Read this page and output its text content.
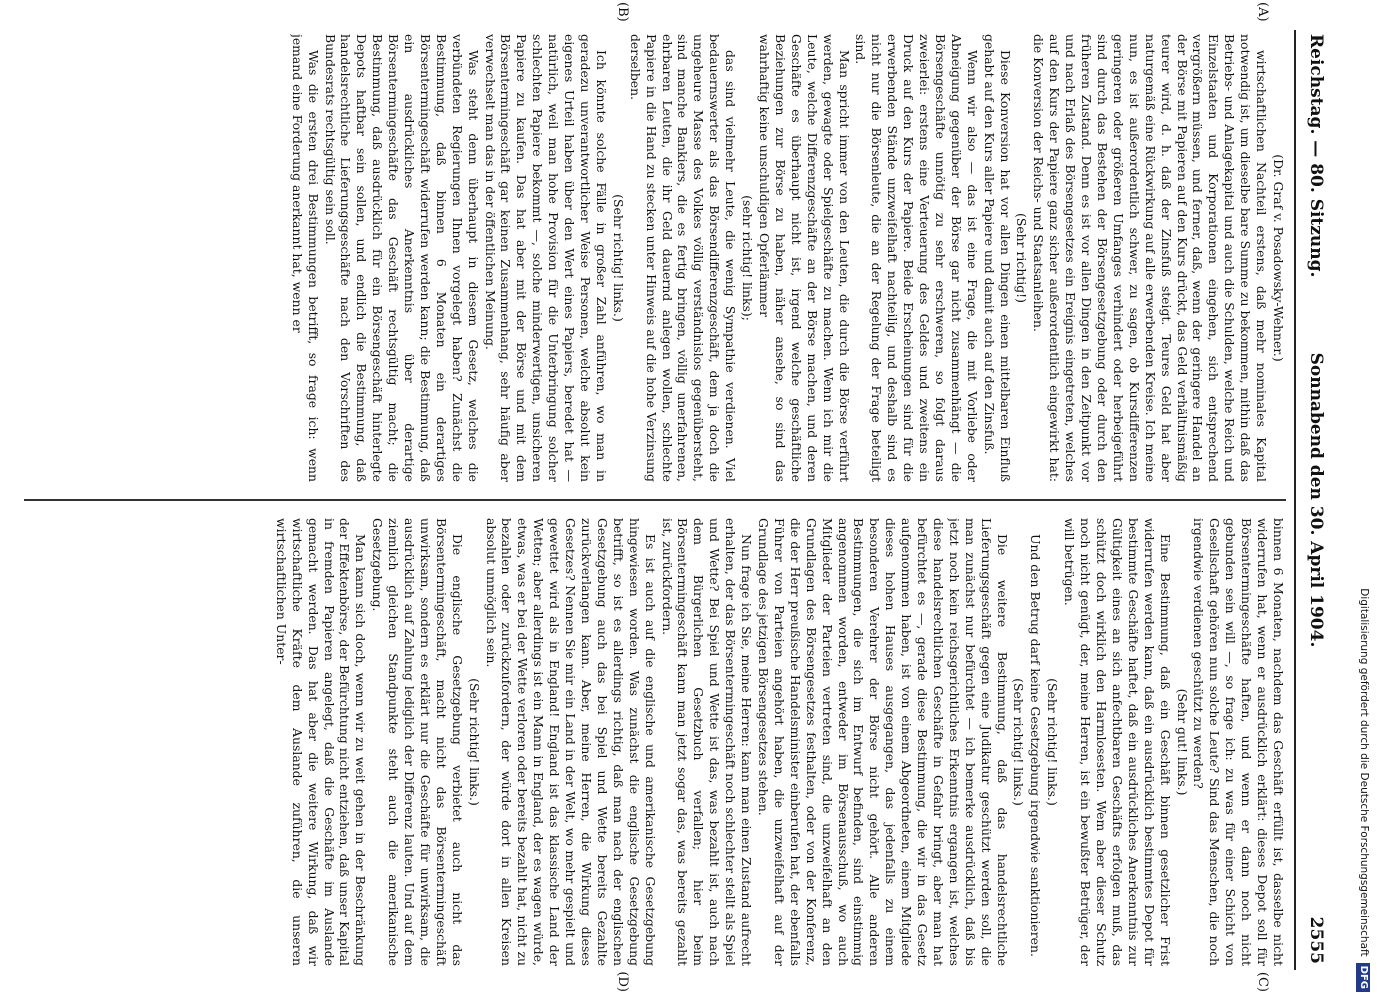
Reichstag. — 80. Sitzung.
Sonnabend den 30. April 1904.
2555

(Dr. Graf v. Posadowsky-Wehner.)

wirtschaftlichen Nachteil erstens, daß mehr nominales Kapital notwendig ist, um dieselbe bare Summe zu bekommen, mithin daß das Betriebs- und Anlagekapital und auch die Schulden, welche Reich und Einzelstaaten und Korporationen eingehen, sich entsprechend vergrößern müssen, und ferner, daß, wenn der geringere Handel an der Börse mit Papieren auf den Kurs drückt, das Geld verhältnismäßig teurer wird, d. h. daß der Zinsfuß steigt. Teures Geld hat aber naturgemäß eine Rückwirkung auf alle erwerbenden Kreise. Ich meine nun, es ist außerordentlich schwer, zu sagen, ob Kursdifferenzen geringeren oder größeren Umfanges verhindert oder herbeigeführt sind durch das Bestehen der Börsengesetzgebung oder durch den früheren Zustand. Denn es ist vor allen Dingen in den Zeitpunkt vor und nach Erlaß des Börsengesetzes ein Ereignis eingetreten, welches auf den Kurs der Papiere ganz sicher außerordentlich eingewirkt hat: die Konversion der Reichs- und Staatsanleihen.

(Sehr richtig!)

Diese Konversion hat vor allen Dingen einen mittelbaren Einfluß gehabt auf den Kurs aller Papiere und damit auch auf den Zinsfuß.

Wenn wir also — das ist eine Frage, die mit Vorliebe oder Abneigung gegenüber der Börse gar nicht zusammenhängt — die Börsengeschäfte unnötig zu sehr erschweren, so folgt daraus zweierlei: erstens eine Verteuerung des Geldes und zweitens ein Druck auf den Kurs der Papiere. Beide Erscheinungen sind für die erwerbenden Stände unzweifelhaft nachteilig, und deshalb sind es nicht nur die Börsenleute, die an der Regelung der Frage beteiligt sind.

Man spricht immer von den Leuten, die durch die Börse verführt werden, gewagte oder Spielgeschäfte zu machen. Wenn ich mir die Leute, welche Differenzgeschäfte an der Börse machen, und deren Geschäfte es überhaupt nicht ist, irgend welche geschäftliche Beziehungen zur Börse zu haben, näher ansehe, so sind das wahrhaftig keine unschuldigen Opferlämmer

(sehr richtig! links);

das sind vielmehr Leute, die wenig Sympathie verdienen. Viel bedauernswerter als das Börsendifferenzgeschäft, dem ja doch die ungeheure Masse des Volkes völlig verständnislos gegenübersteht, sind manche Bankiers, die es fertig bringen, völlig unerfahrenen, ehrbaren Leuten, die ihr Geld dauernd anlegen wollen, schlechte Papiere in die Hand zu stecken unter Hinweis auf die hohe Verzinsung derselben.

(Sehr richtig! links.)

Ich könnte solche Fälle in großer Zahl anführen, wo man in geradezu unverantwortlicher Weise Personen, welche absolut kein eigenes Urteil haben über den Wert eines Papiers, beredet hat — natürlich, weil man hohe Provision für die Unterbringung solcher schlechten Papiere bekommt —, solche minderwertigen, unsicheren Papiere zu kaufen. Das hat aber mit der Börse und mit dem Börsentermingeschäft gar keinen Zusammenhang, sehr häufig aber verwechselt man das in der öffentlichen Meinung.

Was steht denn überhaupt in diesem Gesetz, welches die verbündeten Regierungen Ihnen vorgelegt haben? Zunächst die Bestimmung, daß binnen 6 Monaten ein derartiges Börsentermingeschäft widerrufen werden kann; die Bestimmung, daß ein ausdrückliches Anerkenntnis über derartige Börsentermingeschäfte das Geschäft rechtsgültig macht; die Bestimmung, daß ausdrücklich für ein Börsengeschäft hinterlegte Depots haftbar sein sollen, und endlich die Bestimmung, daß handelsrechtliche Lieferungsgeschäfte nach den Vorschriften des Bundesrats rechtsgültig sein soll.

Was die ersten drei Bestimmungen betrifft, so frage ich: wenn jemand eine Forderung anerkannt hat, wenn er

binnen 6 Monaten, nachdem das Geschäft erfüllt ist, dasselbe nicht widerrufen hat, wenn er ausdrücklich erklärt: dieses Depot soll für Börsentermingeschäfte haften, und wenn er dann noch nicht gebunden sein will —, so frage ich: zu was für einer Schicht von Gesellschaft gehören nun solche Leute? Sind das Menschen, die noch irgendwie verdienen geschützt zu werden?

(Sehr gut! links.)

Eine Bestimmung, daß ein Geschäft binnen gesetzlicher Frist widerrufen werden kann, daß ein ausdrücklich bestimmtes Depot für bestimmte Geschäfte haftet, daß ein ausdrückliches Anerkenntnis zur Gültigkeit eines an sich anfechtbaren Geschäfts erfolgen muß, das schützt doch wirklich den Harmlosesten. Wem aber dieser Schutz noch nicht genügt, der, meine Herren, ist ein bewußter Betrüger, der will betrügen.

(Sehr richtig! links.)

Und den Betrug darf keine Gesetzgebung irgendwie sanktionieren.

(Sehr richtig! links.)

Die weitere Bestimmung, daß das handelsrechtliche Lieferungsgeschäft gegen eine Judikatur geschützt werden soll, die man zunächst nur befürchtet — ich bemerke ausdrücklich, daß bis jetzt noch kein reichsgerichtliches Erkenntnis ergangen ist, welches diese handelsrechtlichen Geschäfte in Gefahr bringt, aber man hat befürchtet es —, gerade diese Bestimmung, die wir in das Gesetz aufgenommen haben, ist von einem Abgeordneten, einem Mitgliede dieses hohen Hauses ausgegangen, das jedenfalls zu einem besonderen Verehrer der Börse nicht gehört. Alle anderen Bestimmungen, die sich im Entwurf befinden, sind einstimmig angenommen worden, entweder im Börsenausschuß, wo auch Mitglieder der Parteien vertreten sind, die unzweifelhaft an den Grundlagen des Börsengesetzes festhalten, oder von der Konferenz, die der Herr preußische Handelsminister einberufen hat, der ebenfalls Führer von Parteien angehört haben, die unzweifelhaft auf der Grundlage des jetzigen Börsengesetzes stehen.

Nun frage ich Sie, meine Herren: kann man einen Zustand aufrecht erhalten, der das Börsentermingeschäft noch schlechter stellt als Spiel und Wette? Bei Spiel und Wette ist das, was bezahlt ist, auch nach dem Bürgerlichen Gesetzbuch verfallen; hier beim Börsentermingeschäft kann man jetzt sogar das, was bereits gezahlt ist, zurückfordern.

Es ist auch auf die englische und amerikanische Gesetzgebung hingewiesen worden. Was zunächst die englische Gesetzgebung betrifft, so ist es allerdings richtig, daß man nach der englischen Gesetzgebung auch das bei Spiel und Wette bereits Gezahlte zurückverlangen kann. Aber, meine Herren, die Wirkung dieses Gesetzes? Nennen Sie mir ein Land in der Welt, wo mehr gespielt und gewettet wird als in England! England ist das klassische Land der Wetten; aber allerdings ist ein Mann in England, der es wagen würde, etwas, was er bei der Wette verloren oder bereits bezahlt hat, nicht zu bezahlen oder zurückzufordern, der würde dort in allen Kreisen absolut unmöglich sein.

(Sehr richtig! links.)

Die englische Gesetzgebung verbietet auch nicht das Börsentermingeschäft, macht nicht das Börsentermingeschäft unwirksam, sondern es erklärt nur die Geschäfte für unwirksam, die ausdrücklich auf Zahlung lediglich der Differenz lauten. Und auf dem ziemlich gleichen Standpunkte steht auch die amerikanische Gesetzgebung.

Man kann sich doch, wenn wir zu weit gehen in der Beschränkung der Effektenbörse, der Befürchtung nicht entziehen, daß unser Kapital in fremden Papieren angelegt, daß die Geschäfte im Auslande gemacht werden. Das hat aber die weitere Wirkung, daß wir wirtschaftliche Kräfte dem Auslande zuführen, die unseren wirtschaftlichen Unter-

(A)
(B)
(C)
(D)
Digitalisierung gefördert durch die Deutsche ForschungsgemeinschaftDFG
